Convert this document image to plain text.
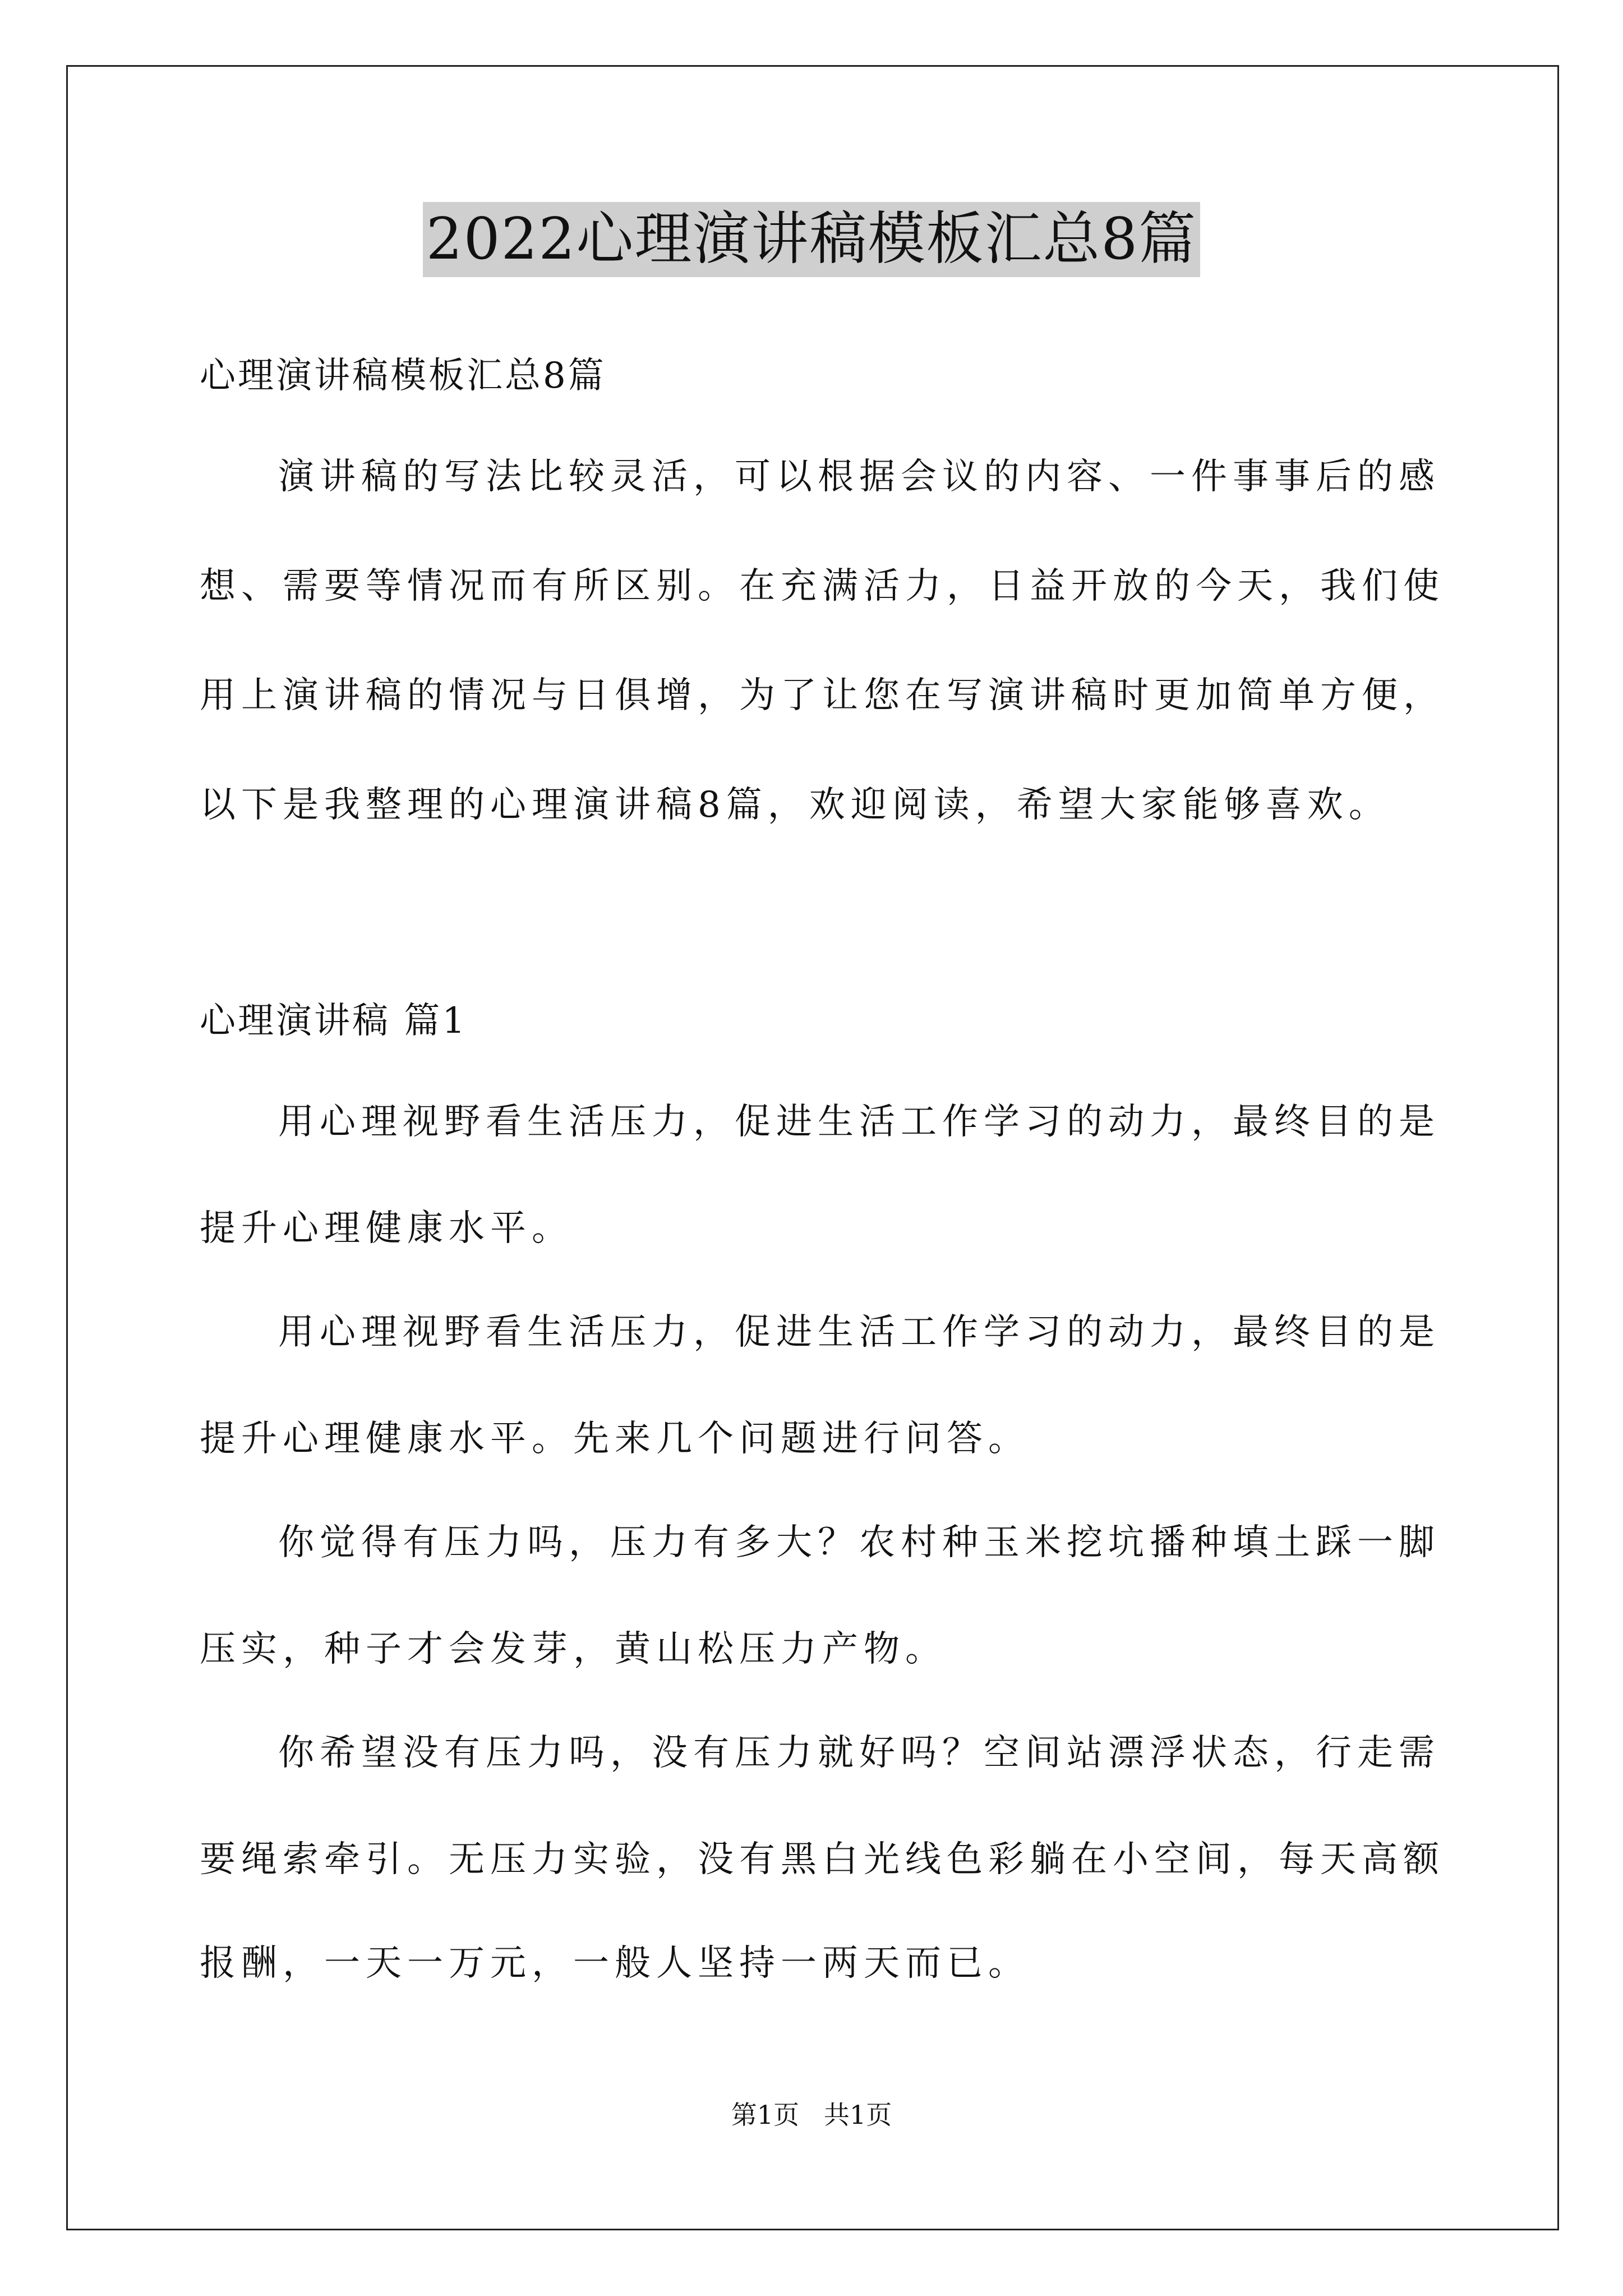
2022心理演讲稿模板汇总8篇
心理演讲稿模板汇总8篇
演讲稿的写法比较灵活，可以根据会议的内容、一件事事后的感
想、需要等情况而有所区别。在充满活力，日益开放的今天，我们使
用上演讲稿的情况与日俱增，为了让您在写演讲稿时更加简单方便，
以下是我整理的心理演讲稿8篇，欢迎阅读，希望大家能够喜欢。
心理演讲稿 篇1
用心理视野看生活压力，促进生活工作学习的动力，最终目的是
提升心理健康水平。
用心理视野看生活压力，促进生活工作学习的动力，最终目的是
提升心理健康水平。先来几个问题进行问答。
你觉得有压力吗，压力有多大？农村种玉米挖坑播种填土踩一脚
压实，种子才会发芽，黄山松压力产物。
你希望没有压力吗，没有压力就好吗？空间站漂浮状态，行走需
要绳索牵引。无压力实验，没有黑白光线色彩躺在小空间，每天高额
报酬，一天一万元，一般人坚持一两天而已。
第1页   共1页
